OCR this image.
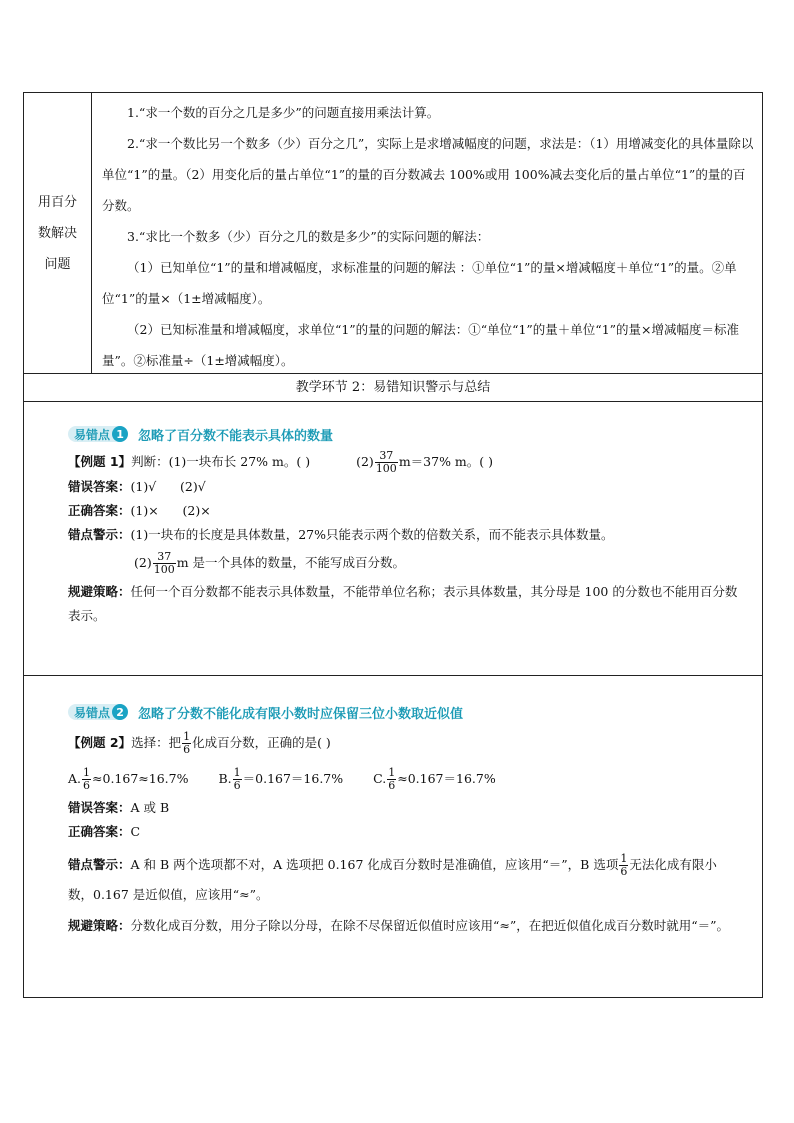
用百分
数解决
问题

1.“求一个数的百分之几是多少”的问题直接用乘法计算。

2.“求一个数比另一个数多（少）百分之几”，实际上是求增减幅度的问题，求法是：（1）用增减变化的具体量除以单位“1”的量。（2）用变化后的量占单位“1”的量的百分数减去 100%或用 100%减去变化后的量占单位“1”的量的百分数。

3.“求比一个数多（少）百分之几的数是多少”的实际问题的解法：

（1）已知单位“1”的量和增减幅度，求标准量的问题的解法 ：①单位“1”的量×增减幅度＋单位“1”的量。②单位“1”的量×（1±增减幅度）。

（2）已知标准量和增减幅度，求单位“1”的量的问题的解法：①“单位“1”的量＋单位“1”的量×增减幅度＝标准量”。②标准量÷（1±增减幅度）。

教学环节 2：易错知识警示与总结
易错点 1	忽略了百分数不能表示具体的数量
【例题 1】判断：(1)一块布长 27% m。( )	$(2) \frac{37}{100} m=37\%$ m。( )
错误答案：(1)√      (2)√
正确答案：(1)×      (2)×
错点警示：(1)一块布的长度是具体数量，27%只能表示两个数的倍数关系，而不能表示具体数量。
$(2) \frac{37}{100}$ m 是一个具体的数量，不能写成百分数。
规避策略：任何一个百分数都不能表示具体数量，不能带单位名称；表示具体数量，其分母是 100 的分数也不能用百分数表示。
易错点 2	忽略了分数不能化成有限小数时应保留三位小数取近似值
【例题 2】选择：把 $\frac{1}{6}$ 化成百分数，正确的是( )
A. $\frac{1}{6} \approx 0.167\approx 16.7\%$ B. $\frac{1}{6} =0.167=16.7\%$ C. $\frac{1}{6} \approx 0.167=16.7\%$
错误答案：A 或 B
正确答案：C
错点警示：A 和 B 两个选项都不对，A 选项把 0.167 化成百分数时是准确值，应该用“＝”，B 选项 $\frac{1}{6}$ 无法化成有限小数，0.167 是近似值，应该用“≈”。
规避策略：分数化成百分数，用分子除以分母，在除不尽保留近似值时应该用“≈”，在把近似值化成百分数时就用“＝”。
